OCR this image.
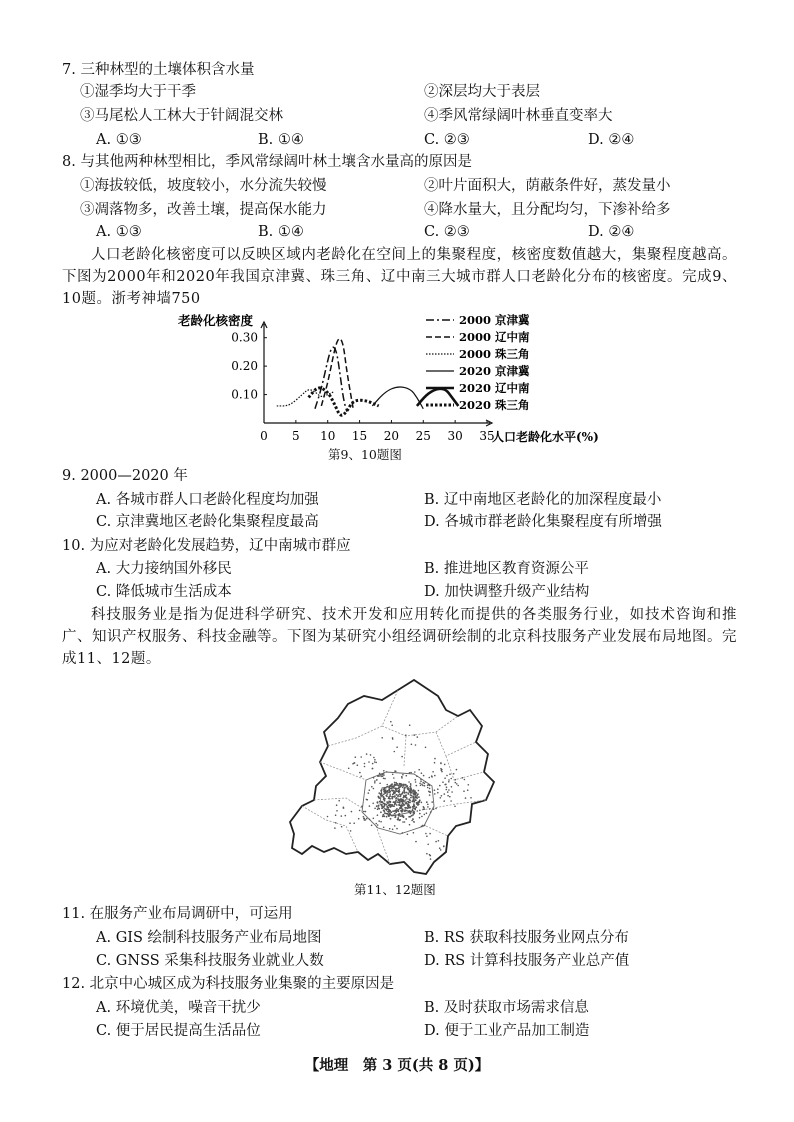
7. 三种林型的土壤体积含水量
①湿季均大于干季	②深层均大于表层
③马尾松人工林大于针阔混交林	④季风常绿阔叶林垂直变率大
A. ①③	B. ①④	C. ②③	D. ②④
8. 与其他两种林型相比，季风常绿阔叶林土壤含水量高的原因是
①海拔较低，坡度较小，水分流失较慢	②叶片面积大，荫蔽条件好，蒸发量小
③凋落物多，改善土壤，提高保水能力	④降水量大，且分配均匀，下渗补给多
A. ①③	B. ①④	C. ②③	D. ②④
人口老龄化核密度可以反映区域内老龄化在空间上的集聚程度，核密度数值越大，集聚程度越高。下图为2000年和2020年我国京津冀、珠三角、辽中南三大城市群人口老龄化分布的核密度。完成9、10题。浙考神墙750
0 5 10 15 20 25 30 35
0.10
0.20
0.30
2000 京津冀
2000 辽中南
2000 珠三角
2020 京津冀
2020 辽中南
2020 珠三角
老龄化核密度
人口老龄化水平(%)
第9、10题图
9. 2000—2020 年
A. 各城市群人口老龄化程度均加强	B. 辽中南地区老龄化的加深程度最小
C. 京津冀地区老龄化集聚程度最高	D. 各城市群老龄化集聚程度有所增强
10. 为应对老龄化发展趋势，辽中南城市群应
A. 大力接纳国外移民	B. 推进地区教育资源公平
C. 降低城市生活成本	D. 加快调整升级产业结构
科技服务业是指为促进科学研究、技术开发和应用转化而提供的各类服务行业，如技术咨询和推广、知识产权服务、科技金融等。下图为某研究小组经调研绘制的北京科技服务产业发展布局地图。完成11、12题。
第11、12题图
11. 在服务产业布局调研中，可运用
A. GIS 绘制科技服务产业布局地图	B. RS 获取科技服务业网点分布
C. GNSS 采集科技服务业就业人数	D. RS 计算科技服务产业总产值
12. 北京中心城区成为科技服务业集聚的主要原因是
A. 环境优美，噪音干扰少	B. 及时获取市场需求信息
C. 便于居民提高生活品位	D. 便于工业产品加工制造
【地理　第 3 页(共 8 页)】
